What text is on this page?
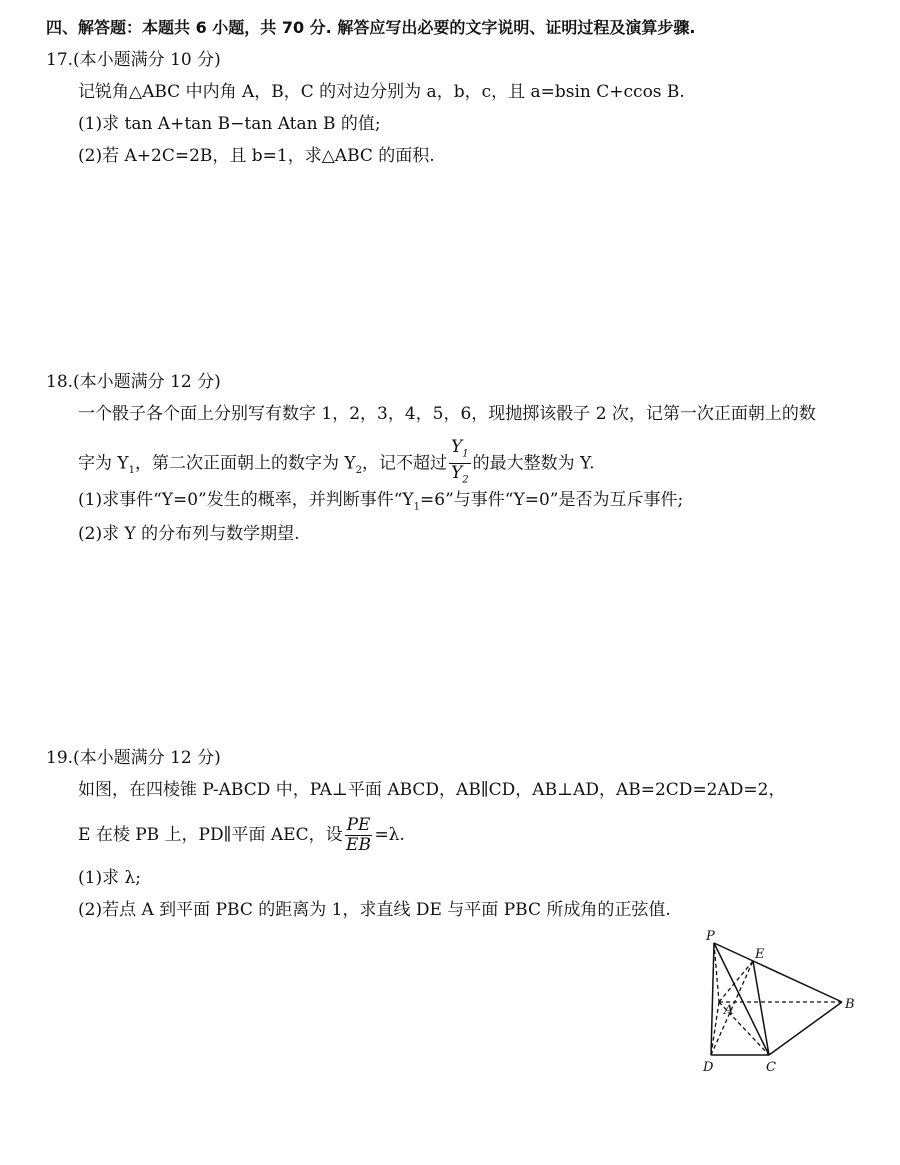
四、解答题：本题共 6 小题，共 70 分. 解答应写出必要的文字说明、证明过程及演算步骤.
17.(本小题满分 10 分)
记锐角△ABC 中内角 A，B，C 的对边分别为 a，b，c，且 a=bsin C+ccos B.
(1)求 tan A+tan B−tan Atan B 的值;
(2)若 A+2C=2B，且 b=1，求△ABC 的面积.
18.(本小题满分 12 分)
一个骰子各个面上分别写有数字 1，2，3，4，5，6，现抛掷该骰子 2 次，记第一次正面朝上的数
字为 $Y_1$，第二次正面朝上的数字为 $Y_2$，记不超过 $\frac{Y_1}{Y_2}$ 的最大整数为 Y.
(1)求事件“Y=0”发生的概率，并判断事件“$Y_1=6$”与事件“Y=0”是否为互斥事件;
(2)求 Y 的分布列与数学期望.
19.(本小题满分 12 分)
如图，在四棱锥 P-ABCD 中，PA⊥平面 ABCD，AB∥CD，AB⊥AD，AB=2CD=2AD=2，
E 在棱 PB 上，PD∥平面 AEC，设 $\frac{PE}{EB} =\lambda$.
(1)求 λ;
(2)若点 A 到平面 PBC 的距离为 1，求直线 DE 与平面 PBC 所成角的正弦值.
P
E
A	B
D	C
